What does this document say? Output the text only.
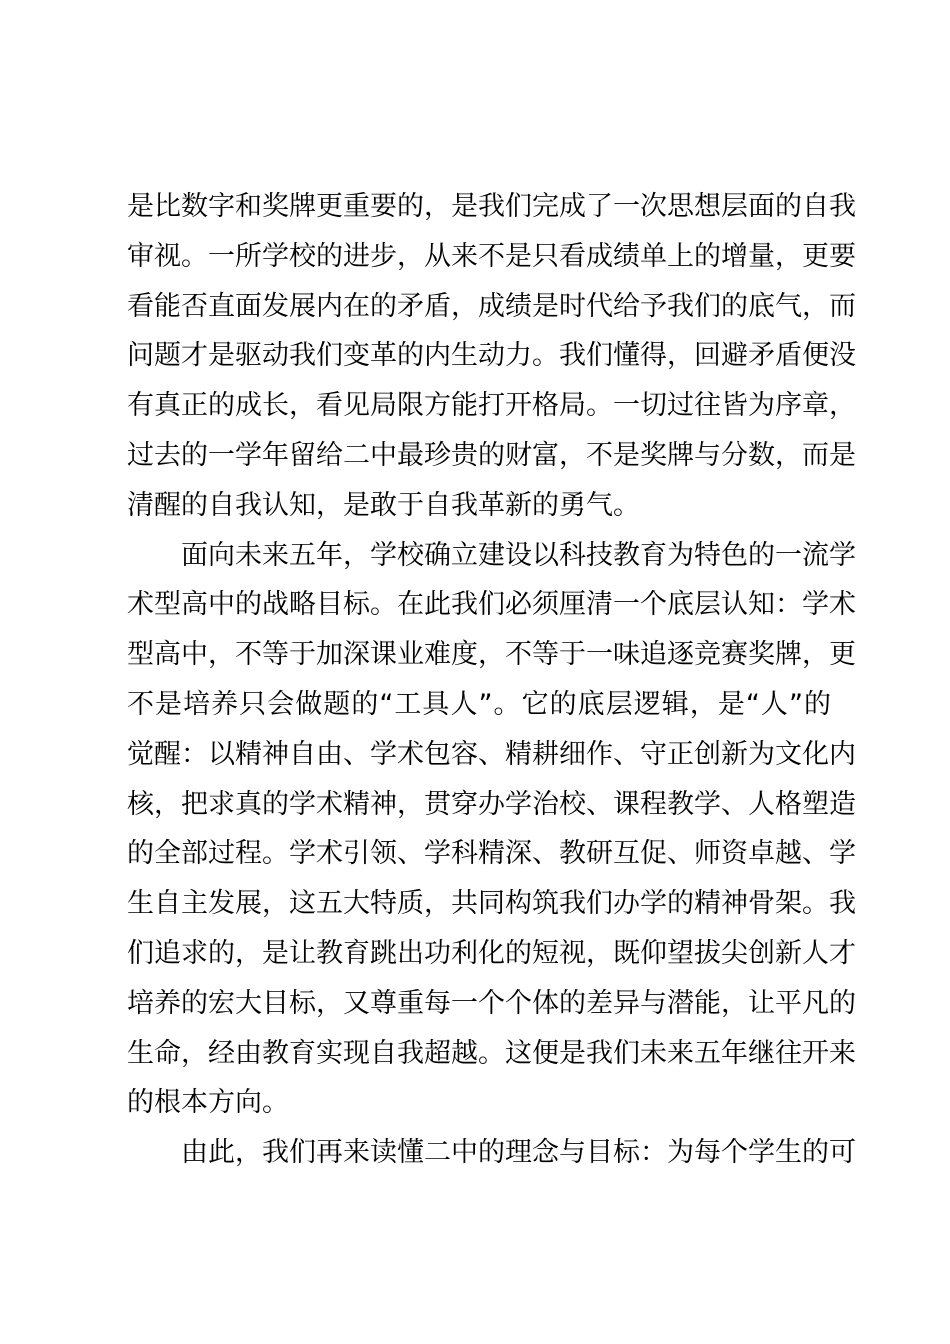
是比数字和奖牌更重要的，是我们完成了一次思想层面的自我
审视。一所学校的进步，从来不是只看成绩单上的增量，更要
看能否直面发展内在的矛盾，成绩是时代给予我们的底气，而
问题才是驱动我们变革的内生动力。我们懂得，回避矛盾便没
有真正的成长，看见局限方能打开格局。一切过往皆为序章，
过去的一学年留给二中最珍贵的财富，不是奖牌与分数，而是
清醒的自我认知，是敢于自我革新的勇气。
面向未来五年，学校确立建设以科技教育为特色的一流学
术型高中的战略目标。在此我们必须厘清一个底层认知：学术
型高中，不等于加深课业难度，不等于一味追逐竞赛奖牌，更
不是培养只会做题的“工具人”。它的底层逻辑，是“人”的
觉醒：以精神自由、学术包容、精耕细作、守正创新为文化内
核，把求真的学术精神，贯穿办学治校、课程教学、人格塑造
的全部过程。学术引领、学科精深、教研互促、师资卓越、学
生自主发展，这五大特质，共同构筑我们办学的精神骨架。我
们追求的，是让教育跳出功利化的短视，既仰望拔尖创新人才
培养的宏大目标，又尊重每一个个体的差异与潜能，让平凡的
生命，经由教育实现自我超越。这便是我们未来五年继往开来
的根本方向。
由此，我们再来读懂二中的理念与目标：为每个学生的可
